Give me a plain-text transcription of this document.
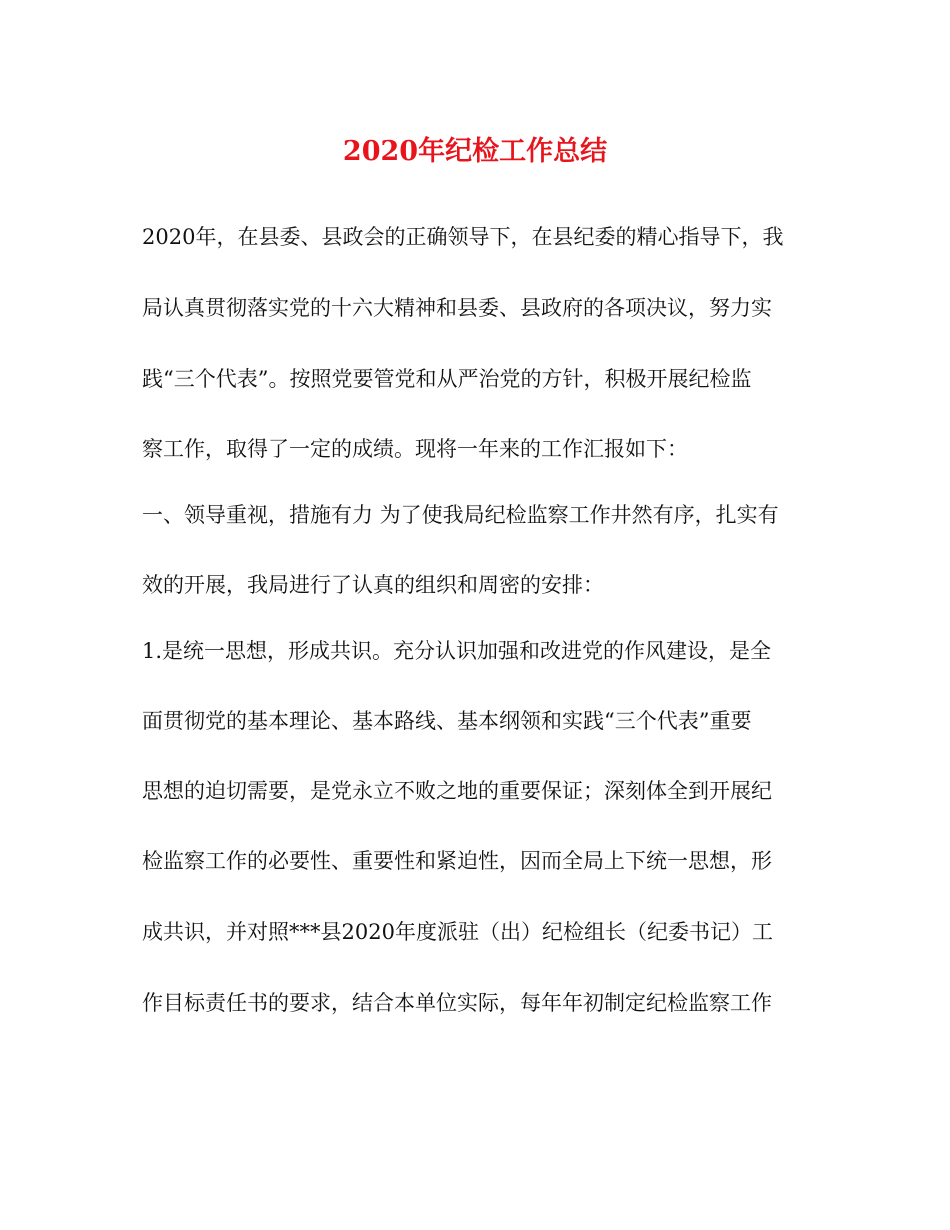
2020年纪检工作总结

2020年，在县委、县政会的正确领导下，在县纪委的精心指导下，我

局认真贯彻落实党的十六大精神和县委、县政府的各项决议，努力实

践“三个代表”。按照党要管党和从严治党的方针，积极开展纪检监

察工作，取得了一定的成绩。现将一年来的工作汇报如下：

一、领导重视，措施有力 为了使我局纪检监察工作井然有序，扎实有

效的开展，我局进行了认真的组织和周密的安排：

1.是统一思想，形成共识。充分认识加强和改进党的作风建设，是全

面贯彻党的基本理论、基本路线、基本纲领和实践“三个代表”重要

思想的迫切需要，是党永立不败之地的重要保证；深刻体全到开展纪

检监察工作的必要性、重要性和紧迫性，因而全局上下统一思想，形

成共识，并对照***县2020年度派驻（出）纪检组长（纪委书记）工

作目标责任书的要求，结合本单位实际，每年年初制定纪检监察工作
